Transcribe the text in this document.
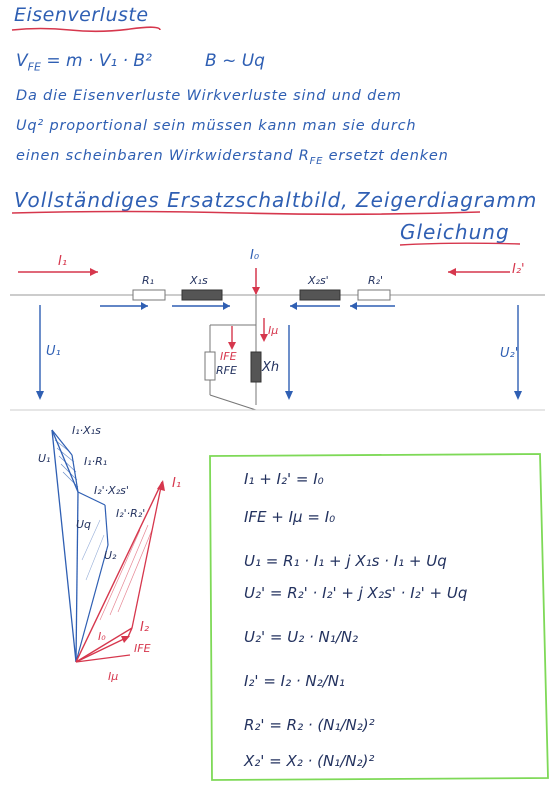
Eisenverluste
$V_{FE} = m \cdot V_1 \cdot B^2$	B ~ Uq
Da die Eisenverluste Wirkverluste sind und dem
Uq² proportional sein müssen kann man sie durch
einen scheinbaren Wirkwiderstand $R_{FE}$ ersetzt denken
Vollständiges Ersatzschaltbild, Zeigerdiagramm
Gleichung
I₁
I₂'
I₀
R₁	X₁s	X₂s'	R₂'
U₁	U₂'
IFE
RFE
Iμ
Xh
I₁·X₁s
I₁·R₁
U₁
I₂'·X₂s'
I₂'·R₂'
Uq
U₂
I₁
I₀
I₂
IFE
Iμ
I₁ + I₂' = I₀
IFE + Iμ = I₀
U₁ = R₁ · I₁ + j X₁s · I₁ + Uq
U₂' = R₂' · I₂' + j X₂s' · I₂' + Uq
U₂' = U₂ · N₁/N₂
I₂' = I₂ · N₂/N₁
R₂' = R₂ · (N₁/N₂)²
X₂' = X₂ · (N₁/N₂)²
